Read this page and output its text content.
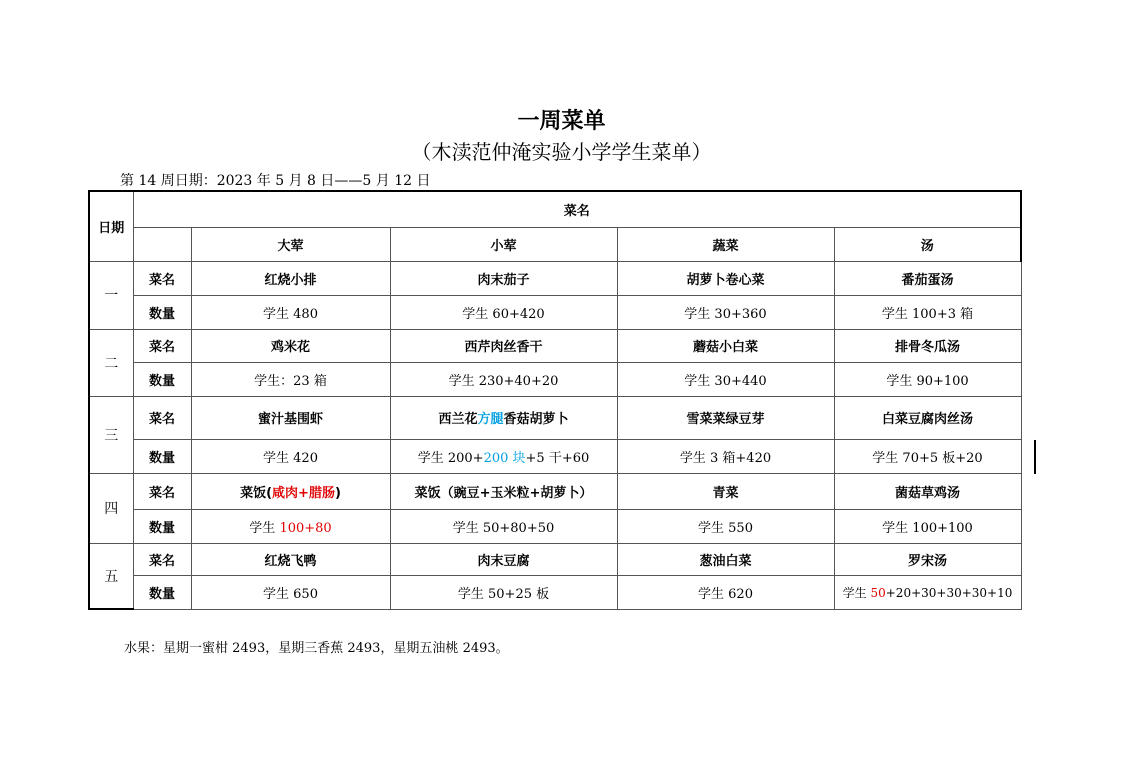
一周菜单
（木渎范仲淹实验小学学生菜单）
第 14 周日期：2023 年 5 月 8 日——5 月 12 日
日期	菜名				
		大荤	小荤	蔬菜	汤
一	菜名	红烧小排	肉末茄子	胡萝卜卷心菜	番茄蛋汤
	数量	学生 480	学生 60+420	学生 30+360	学生 100+3 箱
二	菜名	鸡米花	西芹肉丝香干	蘑菇小白菜	排骨冬瓜汤
	数量	学生：23 箱	学生 230+40+20	学生 30+440	学生 90+100
三	菜名	蜜汁基围虾	西兰花方腿香菇胡萝卜	雪菜菜绿豆芽	白菜豆腐肉丝汤
	数量	学生 420	学生 200+200 块+5 干+60	学生 3 箱+420	学生 70+5 板+20
四	菜名	菜饭(咸肉+腊肠)	菜饭（豌豆+玉米粒+胡萝卜）	青菜	菌菇草鸡汤
	数量	学生 100+80	学生 50+80+50	学生 550	学生 100+100
五	菜名	红烧飞鸭	肉末豆腐	葱油白菜	罗宋汤
	数量	学生 650	学生 50+25 板	学生 620	学生 50+20+30+30+30+10
水果：星期一蜜柑 2493，星期三香蕉 2493，星期五油桃 2493。
